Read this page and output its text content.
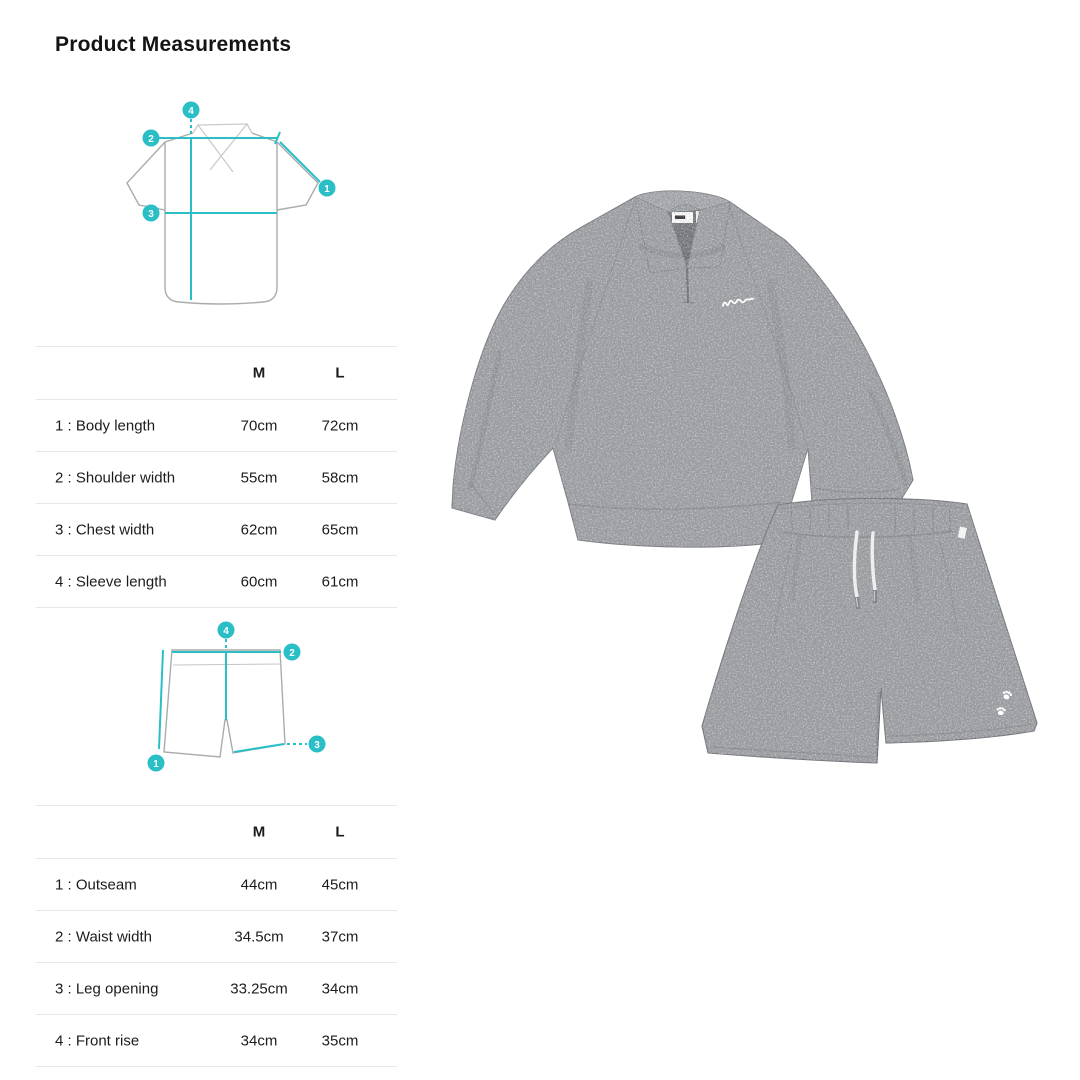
Product Measurements
1
2
3
4
M	L
1 : Body length	70cm	72cm
2 : Shoulder width	55cm	58cm
3 : Chest width	62cm	65cm
4 : Sleeve length	60cm	61cm
1
2
3
4
M	L
1 : Outseam	44cm	45cm
2 : Waist width	34.5cm	37cm
3 : Leg opening	33.25cm 34cm
4 : Front rise	34cm	35cm
